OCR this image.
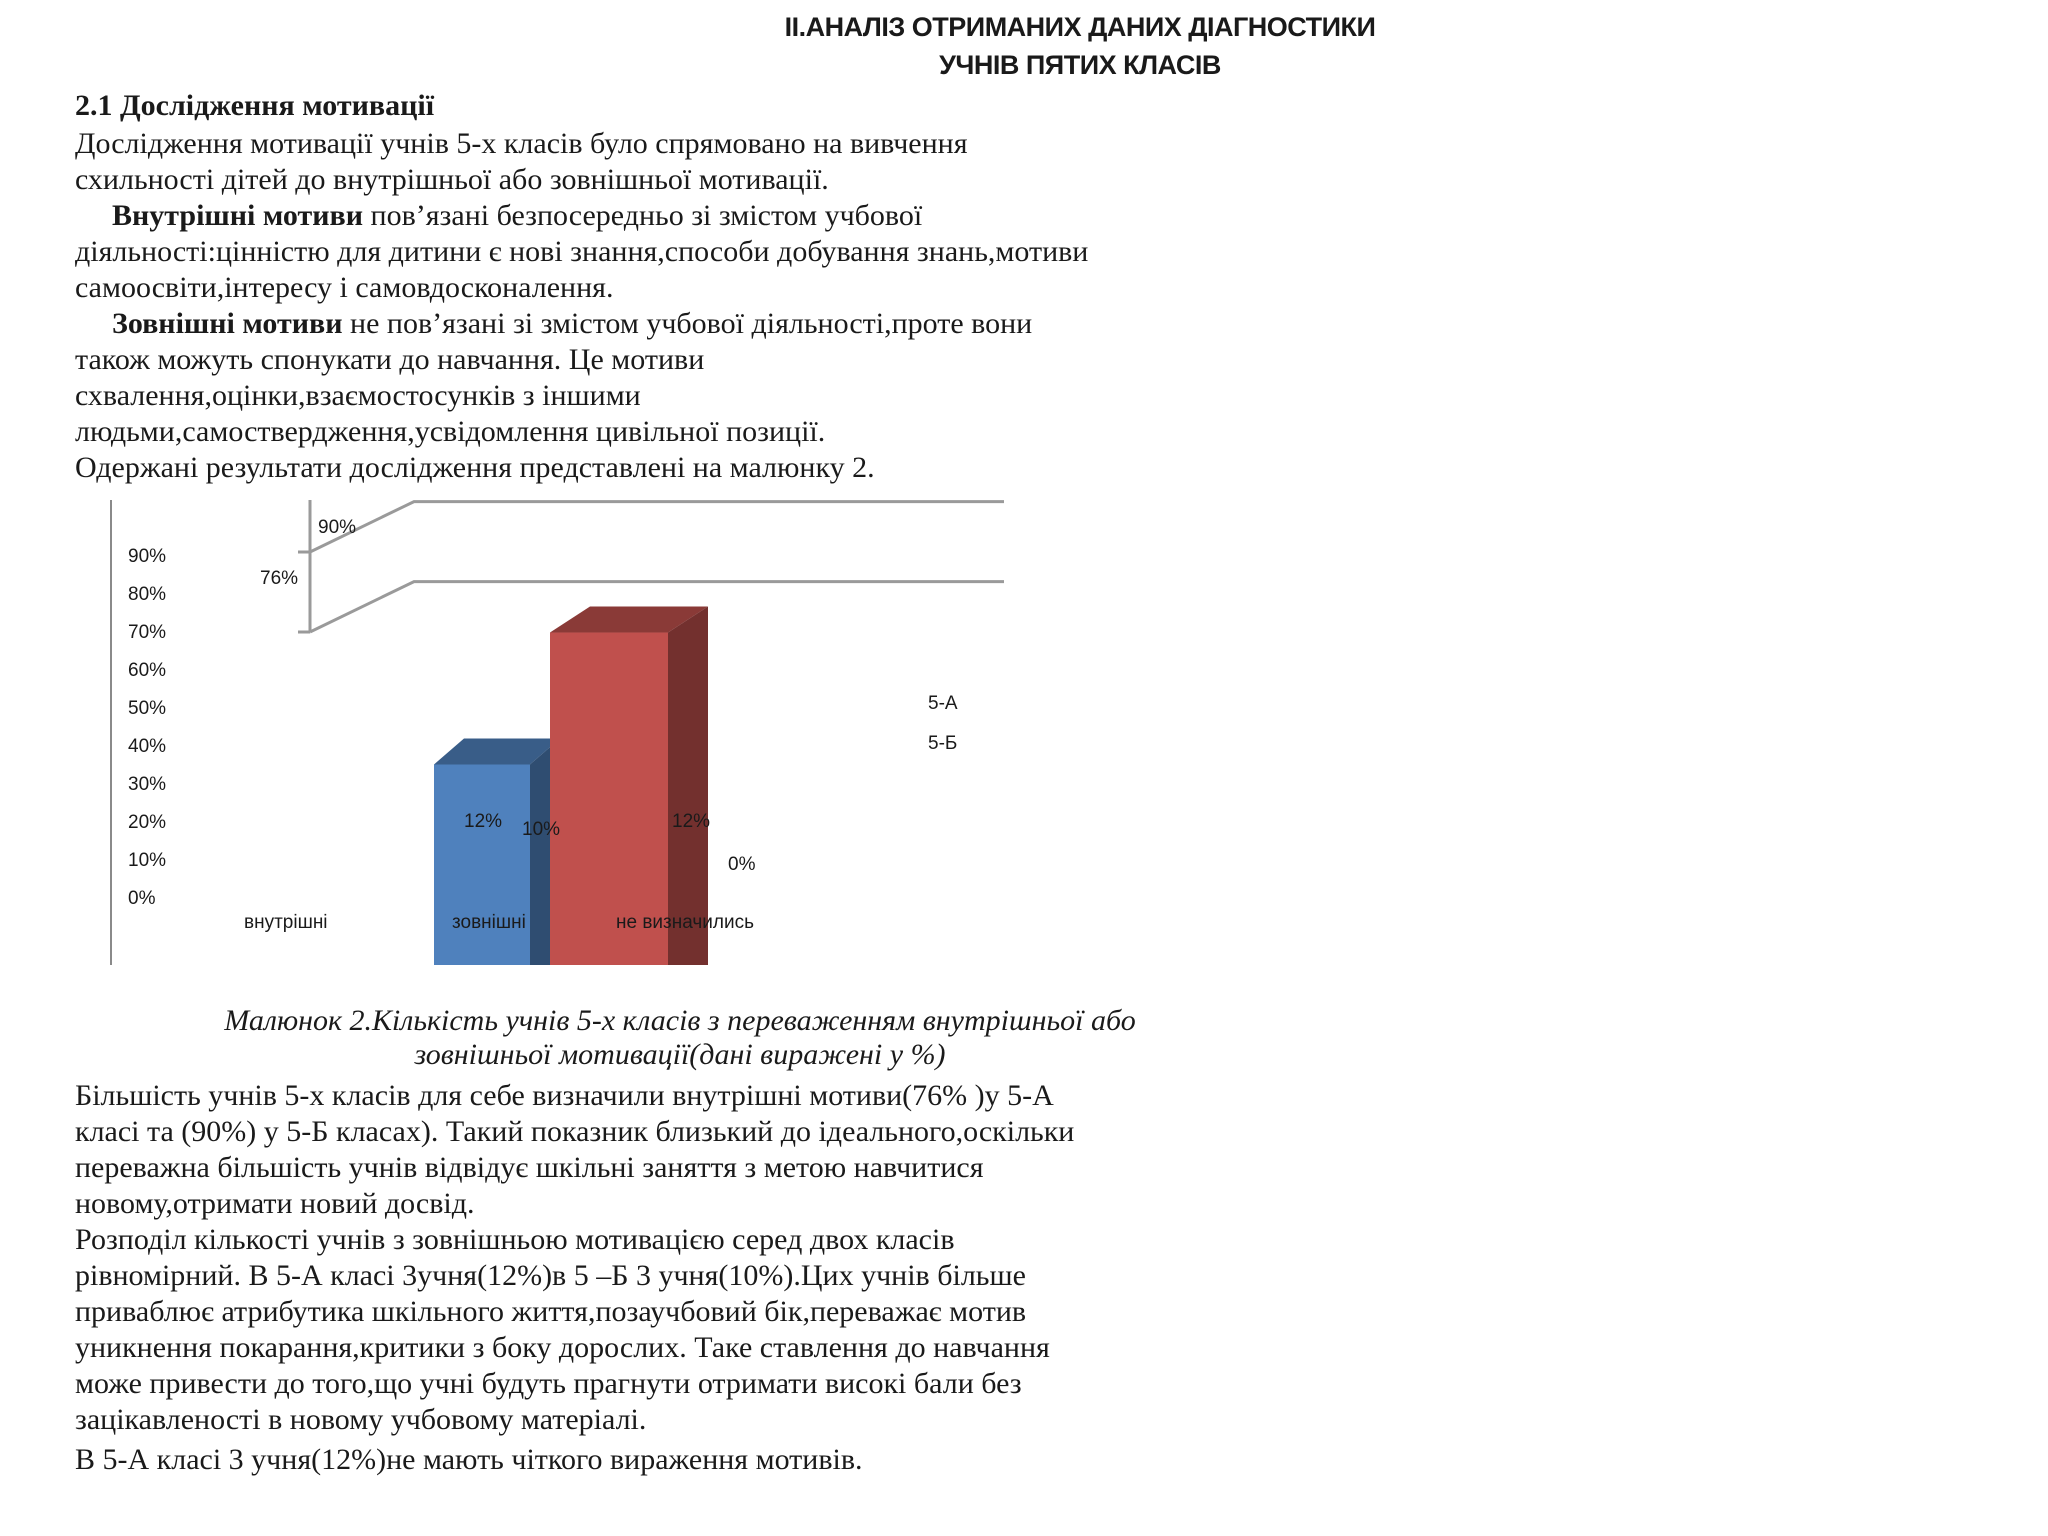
ІІ.АНАЛІЗ ОТРИМАНИХ ДАНИХ ДІАГНОСТИКИ
УЧНІВ ПЯТИХ КЛАСІВ
2.1 Дослідження мотивації
Дослідження мотивації учнів 5-х класів було спрямовано на вивчення
схильності дітей до внутрішньої або зовнішньої мотивації.
Внутрішні мотиви пов’язані безпосередньо зі змістом учбової
діяльності:цінністю для дитини є нові знання,способи добування знань,мотиви
самоосвіти,інтересу і самовдосконалення.
Зовнішні мотиви не пов’язані зі змістом учбової діяльності,проте вони
також можуть спонукати до навчання. Це мотиви
схвалення,оцінки,взаємостосунків з іншими
людьми,самоствердження,усвідомлення цивільної позиції.
Одержані результати дослідження представлені на малюнку 2.
90%
80%
70%
60%
50%
40%
30%
20%
10%
0%
90%
76%
12% 10%	12%
0%
внутрішні	зовнішні	не визначились
5-А
5-Б
Малюнок 2.Кількість учнів 5-х класів з переваженням внутрішньої або
зовнішньої мотивації(дані виражені у %)
Більшість учнів 5-х класів для себе визначили внутрішні мотиви(76% )у 5-А
класі та (90%) у 5-Б класах). Такий показник близький до ідеального,оскільки
переважна більшість учнів відвідує шкільні заняття з метою навчитися
новому,отримати новий досвід.
Розподіл кількості учнів з зовнішньою мотивацією серед двох класів
рівномірний. В 5-А класі 3учня(12%)в 5 –Б 3 учня(10%).Цих учнів більше
приваблює атрибутика шкільного життя,позаучбовий бік,переважає мотив
уникнення покарання,критики з боку дорослих. Таке ставлення до навчання
може привести до того,що учні будуть прагнути отримати високі бали без
зацікавленості в новому учбовому матеріалі.
В 5-А класі 3 учня(12%)не мають чіткого вираження мотивів.
